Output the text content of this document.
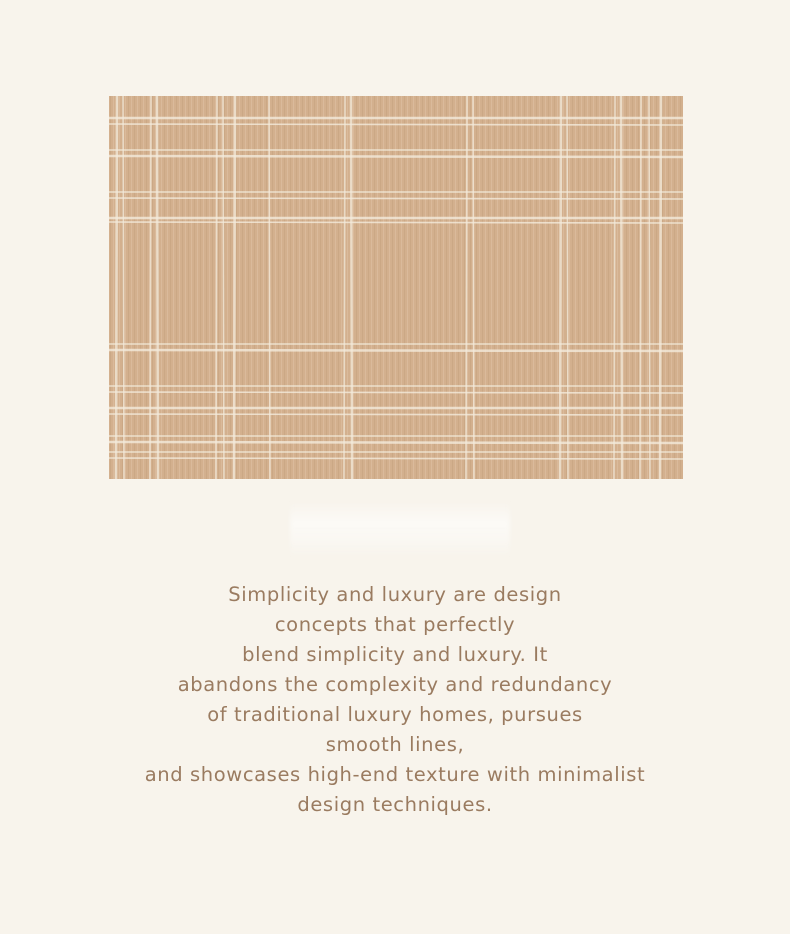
Simplicity and luxury are design
concepts that perfectly
blend simplicity and luxury. It
abandons the complexity and redundancy
of traditional luxury homes, pursues
smooth lines,
and showcases high-end texture with minimalist
design techniques.
